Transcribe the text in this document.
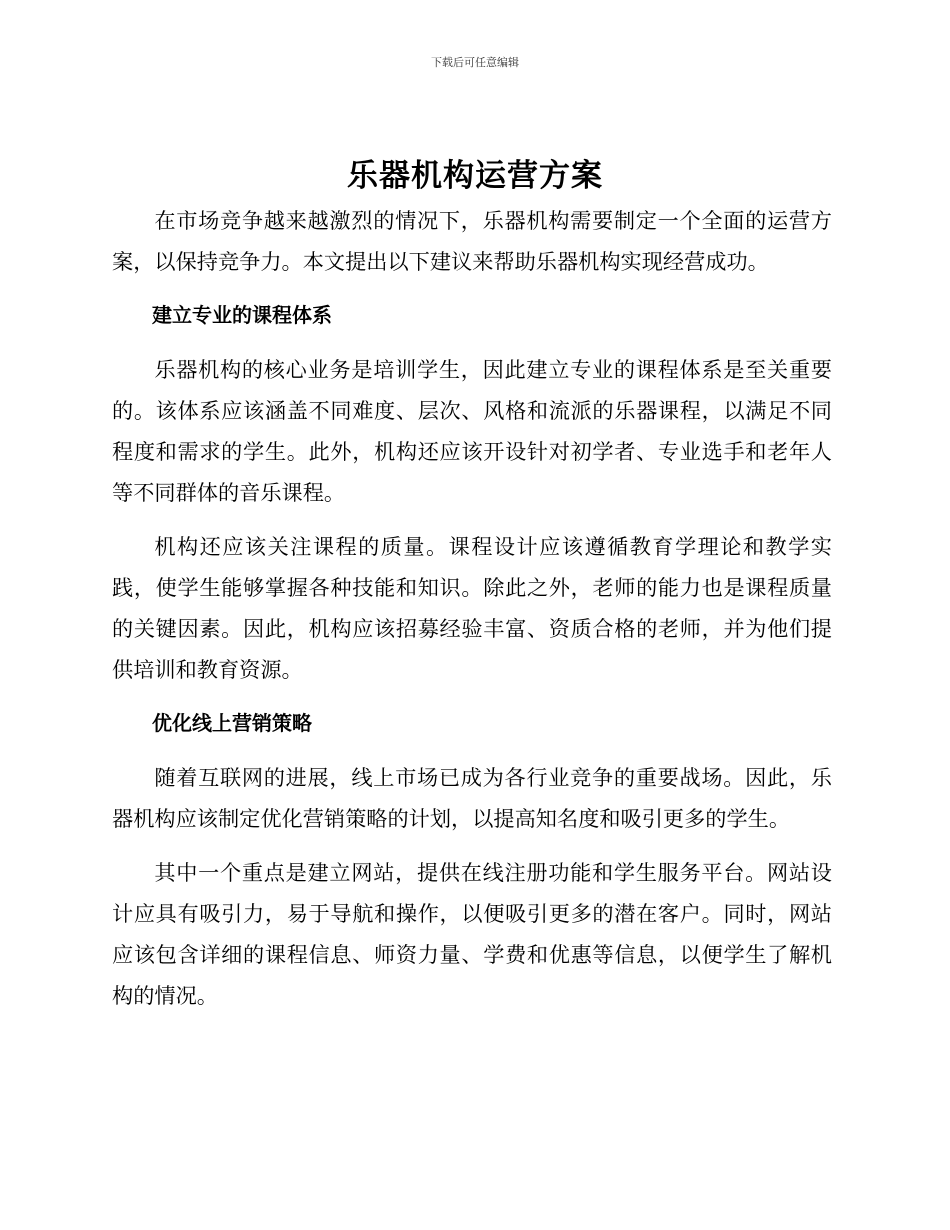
下载后可任意编辑
乐器机构运营方案

在市场竞争越来越激烈的情况下，乐器机构需要制定一个全面的运营方案，以保持竞争力。本文提出以下建议来帮助乐器机构实现经营成功。

建立专业的课程体系

乐器机构的核心业务是培训学生，因此建立专业的课程体系是至关重要的。该体系应该涵盖不同难度、层次、风格和流派的乐器课程，以满足不同程度和需求的学生。此外，机构还应该开设针对初学者、专业选手和老年人等不同群体的音乐课程。

机构还应该关注课程的质量。课程设计应该遵循教育学理论和教学实践，使学生能够掌握各种技能和知识。除此之外，老师的能力也是课程质量的关键因素。因此，机构应该招募经验丰富、资质合格的老师，并为他们提供培训和教育资源。

优化线上营销策略

随着互联网的进展，线上市场已成为各行业竞争的重要战场。因此，乐器机构应该制定优化营销策略的计划，以提高知名度和吸引更多的学生。

其中一个重点是建立网站，提供在线注册功能和学生服务平台。网站设计应具有吸引力，易于导航和操作，以便吸引更多的潜在客户。同时，网站应该包含详细的课程信息、师资力量、学费和优惠等信息，以便学生了解机构的情况。
